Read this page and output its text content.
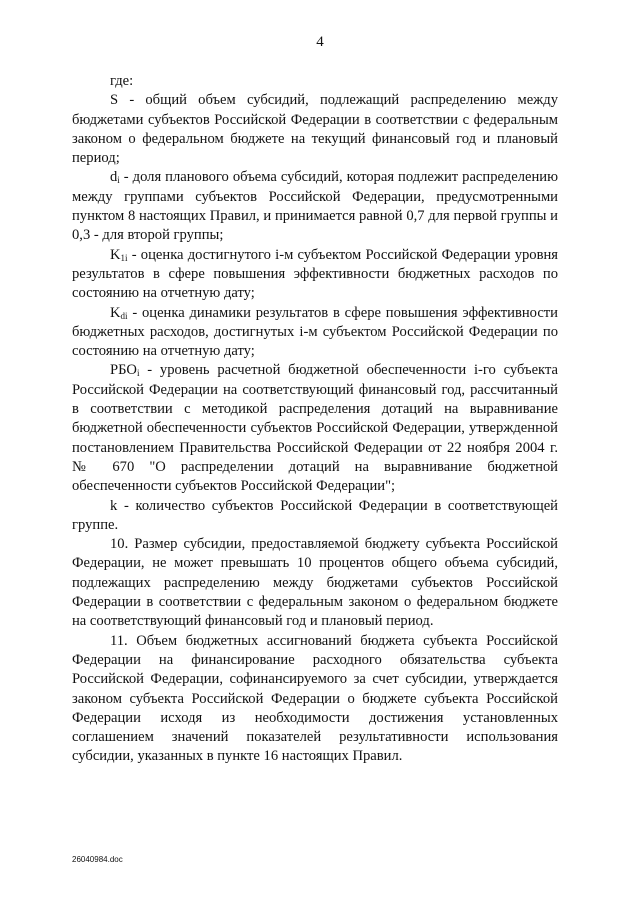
4

где:

S - общий объем субсидий, подлежащий распределению между бюджетами субъектов Российской Федерации в соответствии с федеральным законом о федеральном бюджете на текущий финансовый год и плановый период;

$d_i$ - доля планового объема субсидий, которая подлежит распределению между группами субъектов Российской Федерации, предусмотренными пунктом 8 настоящих Правил, и принимается равной 0,7 для первой группы и 0,3 - для второй группы;

$K_{1i}$ - оценка достигнутого i-м субъектом Российской Федерации уровня результатов в сфере повышения эффективности бюджетных расходов по состоянию на отчетную дату;

$K_{di}$ - оценка динамики результатов в сфере повышения эффективности бюджетных расходов, достигнутых i-м субъектом Российской Федерации по состоянию на отчетную дату;

$РБО_i$ - уровень расчетной бюджетной обеспеченности i-го субъекта Российской Федерации на соответствующий финансовый год, рассчитанный в соответствии с методикой распределения дотаций на выравнивание бюджетной обеспеченности субъектов Российской Федерации, утвержденной постановлением Правительства Российской Федерации от 22 ноября 2004 г. № 670 "О распределении дотаций на выравнивание бюджетной обеспеченности субъектов Российской Федерации";

k - количество субъектов Российской Федерации в соответствующей группе.

10. Размер субсидии, предоставляемой бюджету субъекта Российской Федерации, не может превышать 10 процентов общего объема субсидий, подлежащих распределению между бюджетами субъектов Российской Федерации в соответствии с федеральным законом о федеральном бюджете на соответствующий финансовый год и плановый период.

11. Объем бюджетных ассигнований бюджета субъекта Российской Федерации на финансирование расходного обязательства субъекта Российской Федерации, софинансируемого за счет субсидии, утверждается законом субъекта Российской Федерации о бюджете субъекта Российской Федерации исходя из необходимости достижения установленных соглашением значений показателей результативности использования субсидии, указанных в пункте 16 настоящих Правил.

26040984.doc
